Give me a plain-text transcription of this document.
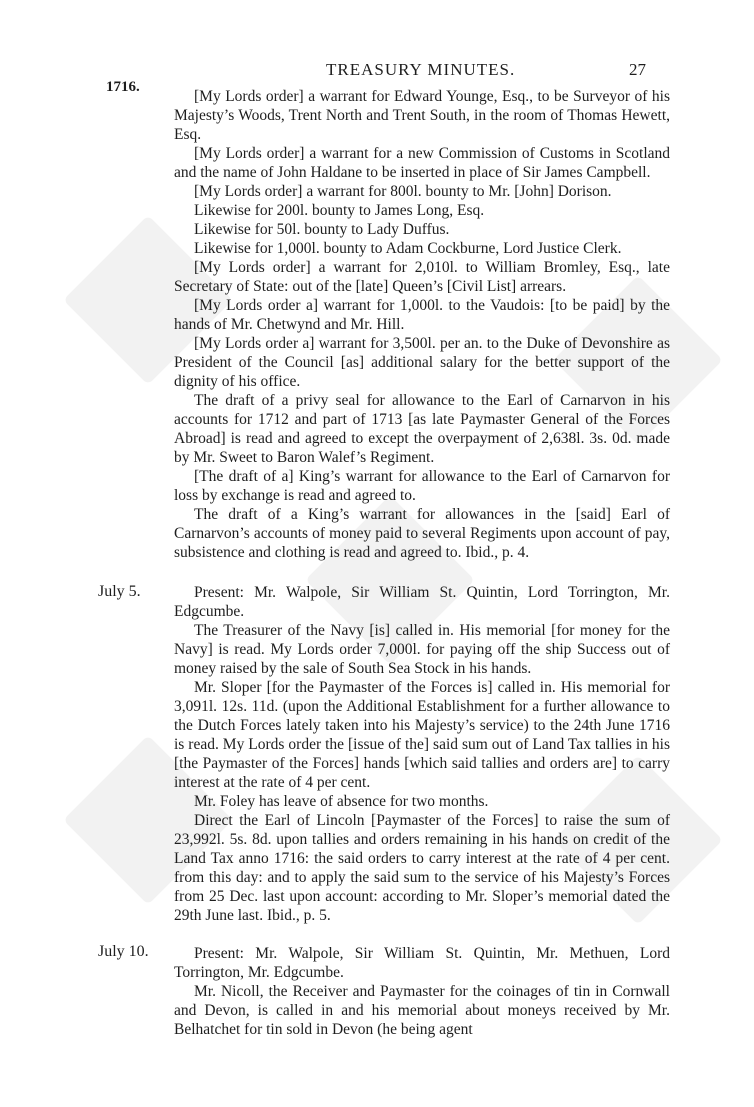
1716.
TREASURY MINUTES.	27
July 5.
July 10.

[My Lords order] a warrant for Edward Younge, Esq., to be Surveyor of his Majesty’s Woods, Trent North and Trent South, in the room of Thomas Hewett, Esq.

[My Lords order] a warrant for a new Commission of Customs in Scotland and the name of John Haldane to be inserted in place of Sir James Campbell.

[My Lords order] a warrant for 800l. bounty to Mr. [John] Dorison.

Likewise for 200l. bounty to James Long, Esq.

Likewise for 50l. bounty to Lady Duffus.

Likewise for 1,000l. bounty to Adam Cockburne, Lord Justice Clerk.

[My Lords order] a warrant for 2,010l. to William Bromley, Esq., late Secretary of State: out of the [late] Queen’s [Civil List] arrears.

[My Lords order a] warrant for 1,000l. to the Vaudois: [to be paid] by the hands of Mr. Chetwynd and Mr. Hill.

[My Lords order a] warrant for 3,500l. per an. to the Duke of Devonshire as President of the Council [as] additional salary for the better support of the dignity of his office.

The draft of a privy seal for allowance to the Earl of Carnarvon in his accounts for 1712 and part of 1713 [as late Paymaster General of the Forces Abroad] is read and agreed to except the overpayment of 2,638l. 3s. 0d. made by Mr. Sweet to Baron Walef’s Regiment.

[The draft of a] King’s warrant for allowance to the Earl of Carnarvon for loss by exchange is read and agreed to.

The draft of a King’s warrant for allowances in the [said] Earl of Carnarvon’s accounts of money paid to several Regiments upon account of pay, subsistence and clothing is read and agreed to. Ibid., p. 4.

Present: Mr. Walpole, Sir William St. Quintin, Lord Torrington, Mr. Edgcumbe.

The Treasurer of the Navy [is] called in. His memorial [for money for the Navy] is read. My Lords order 7,000l. for paying off the ship Success out of money raised by the sale of South Sea Stock in his hands.

Mr. Sloper [for the Paymaster of the Forces is] called in. His memorial for 3,091l. 12s. 11d. (upon the Additional Establishment for a further allowance to the Dutch Forces lately taken into his Majesty’s service) to the 24th June 1716 is read. My Lords order the [issue of the] said sum out of Land Tax tallies in his [the Paymaster of the Forces] hands [which said tallies and orders are] to carry interest at the rate of 4 per cent.

Mr. Foley has leave of absence for two months.

Direct the Earl of Lincoln [Paymaster of the Forces] to raise the sum of 23,992l. 5s. 8d. upon tallies and orders remaining in his hands on credit of the Land Tax anno 1716: the said orders to carry interest at the rate of 4 per cent. from this day: and to apply the said sum to the service of his Majesty’s Forces from 25 Dec. last upon account: according to Mr. Sloper’s memorial dated the 29th June last. Ibid., p. 5.

Present: Mr. Walpole, Sir William St. Quintin, Mr. Methuen, Lord Torrington, Mr. Edgcumbe.

Mr. Nicoll, the Receiver and Paymaster for the coinages of tin in Cornwall and Devon, is called in and his memorial about moneys received by Mr. Belhatchet for tin sold in Devon (he being agent
